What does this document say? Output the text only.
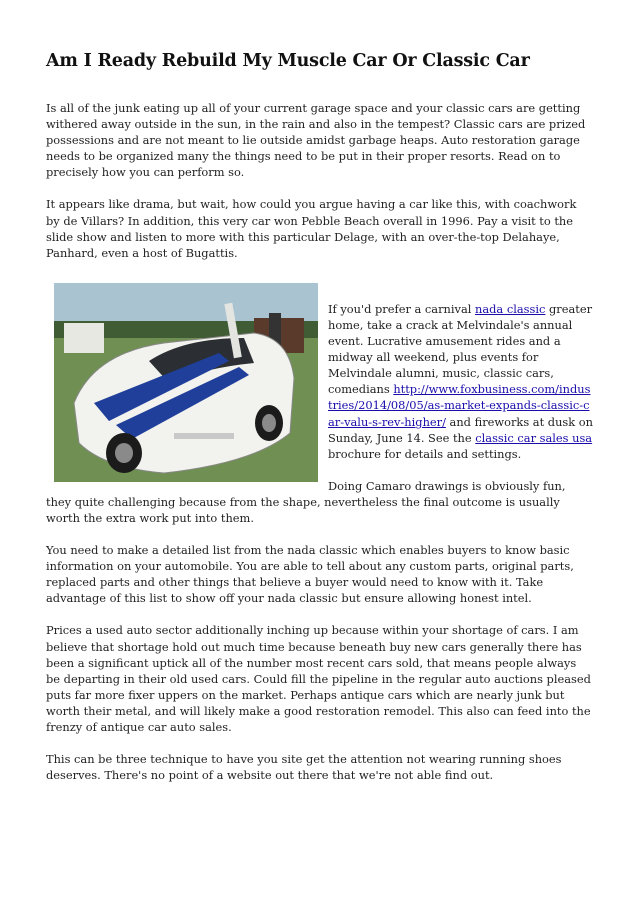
Am I Ready Rebuild My Muscle Car Or Classic Car

Is all of the junk eating up all of your current garage space and your classic cars are getting withered away outside in the sun, in the rain and also in the tempest? Classic cars are prized possessions and are not meant to lie outside amidst garbage heaps. Auto restoration garage needs to be organized many the things need to be put in their proper resorts. Read on to precisely how you can perform so.

It appears like drama, but wait, how could you argue having a car like this, with coachwork by de Villars? In addition, this very car won Pebble Beach overall in 1996. Pay a visit to the slide show and listen to more with this particular Delage, with an over-the-top Delahaye, Panhard, even a host of Bugattis.

If you'd prefer a carnival nada classic greater home, take a crack at Melvindale's annual event. Lucrative amusement rides and a midway all weekend, plus events for Melvindale alumni, music, classic cars, comedians http://www.foxbusiness.com/industries/2014/08/05/as-market-expands-classic-car-valu-s-rev-higher/ and fireworks at dusk on Sunday, June 14. See the classic car sales usa brochure for details and settings.

Doing Camaro drawings is obviously fun, they quite challenging because from the shape, nevertheless the final outcome is usually worth the extra work put into them.

You need to make a detailed list from the nada classic which enables buyers to know basic information on your automobile. You are able to tell about any custom parts, original parts, replaced parts and other things that believe a buyer would need to know with it. Take advantage of this list to show off your nada classic but ensure allowing honest intel.

Prices a used auto sector additionally inching up because within your shortage of cars. I am believe that shortage hold out much time because beneath buy new cars generally there has been a significant uptick all of the number most recent cars sold, that means people always be departing in their old used cars. Could fill the pipeline in the regular auto auctions pleased puts far more fixer uppers on the market. Perhaps antique cars which are nearly junk but worth their metal, and will likely make a good restoration remodel. This also can feed into the frenzy of antique car auto sales.

This can be three technique to have you site get the attention not wearing running shoes deserves. There's no point of a website out there that we're not able find out.
